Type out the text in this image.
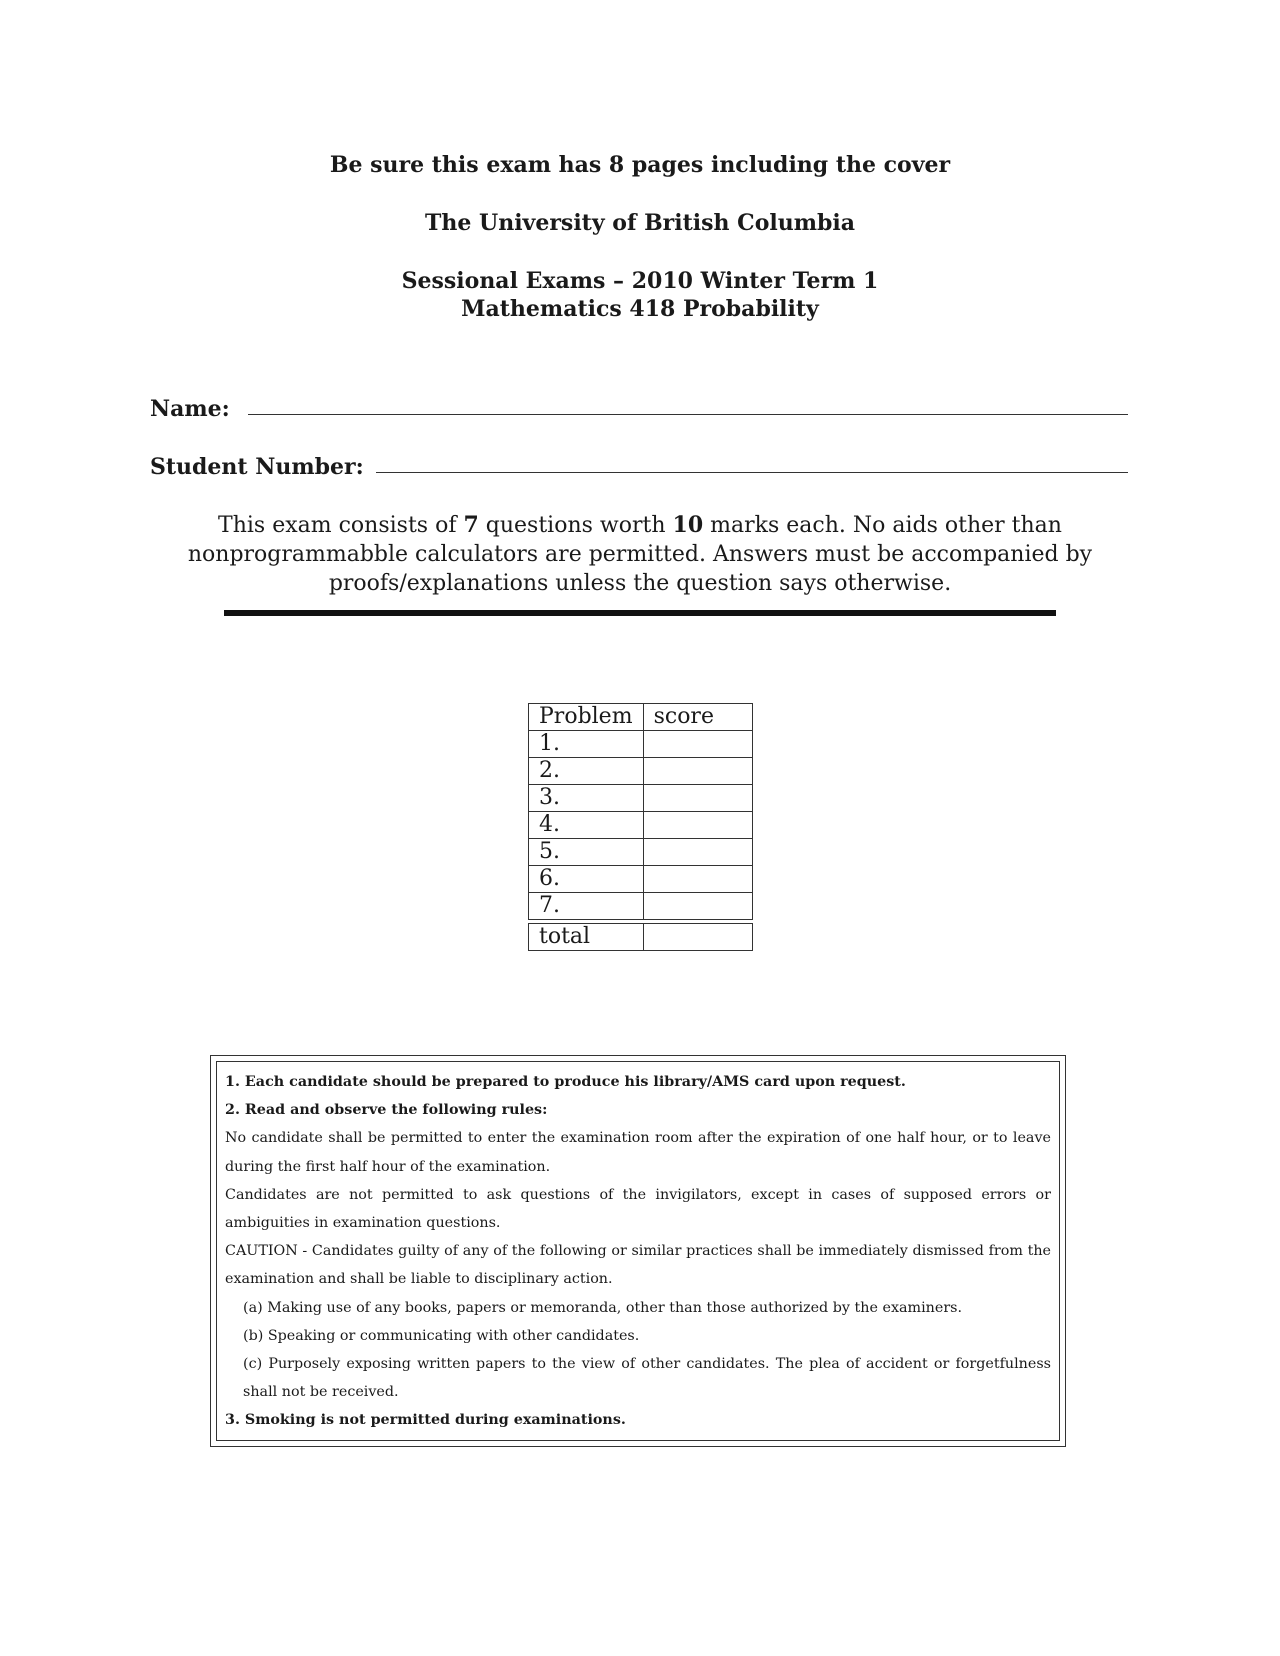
Be sure this exam has 8 pages including the cover
The University of British Columbia
Sessional Exams – 2010 Winter Term 1
Mathematics 418 Probability
Name:
Student Number:
This exam consists of 7 questions worth 10 marks each. No aids other than nonprogrammabble calculators are permitted. Answers must be accompanied by proofs/explanations unless the question says otherwise.
Problem	score
1.	
2.	
3.	
4.	
5.	
6.	
7.	

total	

1. Each candidate should be prepared to produce his library/AMS card upon request.

2. Read and observe the following rules:

No candidate shall be permitted to enter the examination room after the expiration of one half hour, or to leave during the first half hour of the examination.

Candidates are not permitted to ask questions of the invigilators, except in cases of supposed errors or ambiguities in examination questions.

CAUTION - Candidates guilty of any of the following or similar practices shall be immediately dismissed from the examination and shall be liable to disciplinary action.

(a) Making use of any books, papers or memoranda, other than those authorized by the examiners.

(b) Speaking or communicating with other candidates.

(c) Purposely exposing written papers to the view of other candidates. The plea of accident or forgetfulness shall not be received.

3. Smoking is not permitted during examinations.
